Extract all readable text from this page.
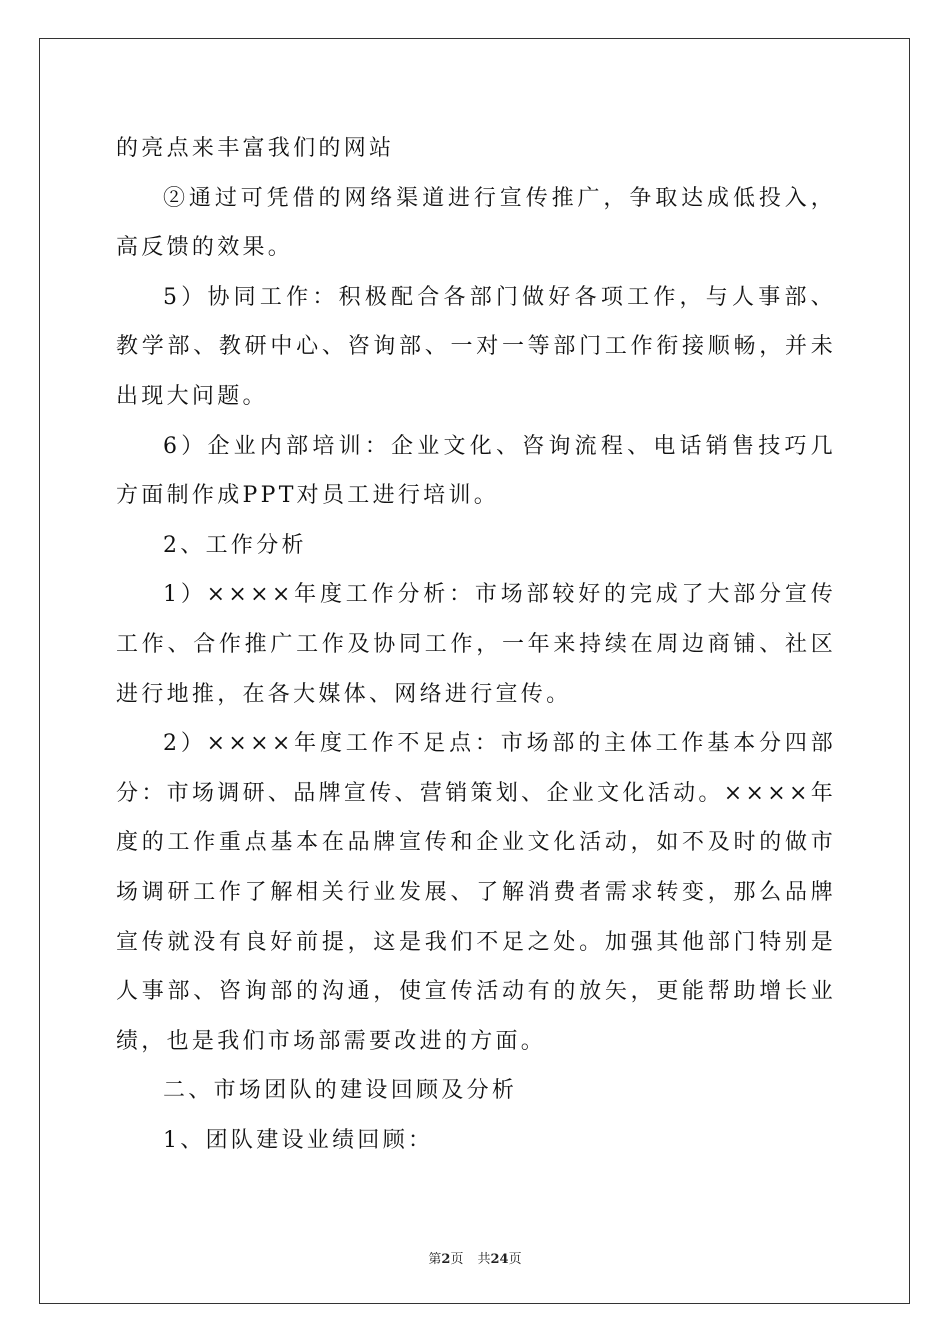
的亮点来丰富我们的网站

②通过可凭借的网络渠道进行宣传推广，争取达成低投入，高反馈的效果。

5）协同工作：积极配合各部门做好各项工作，与人事部、教学部、教研中心、咨询部、一对一等部门工作衔接顺畅，并未出现大问题。

6）企业内部培训：企业文化、咨询流程、电话销售技巧几方面制作成PPT对员工进行培训。

2、工作分析

1）××××年度工作分析：市场部较好的完成了大部分宣传工作、合作推广工作及协同工作，一年来持续在周边商铺、社区进行地推，在各大媒体、网络进行宣传。

2）××××年度工作不足点：市场部的主体工作基本分四部分：市场调研、品牌宣传、营销策划、企业文化活动。××××年度的工作重点基本在品牌宣传和企业文化活动，如不及时的做市场调研工作了解相关行业发展、了解消费者需求转变，那么品牌宣传就没有良好前提，这是我们不足之处。加强其他部门特别是人事部、咨询部的沟通，使宣传活动有的放矢，更能帮助增长业绩，也是我们市场部需要改进的方面。

二、市场团队的建设回顾及分析

1、团队建设业绩回顾：

第2页 共24页
